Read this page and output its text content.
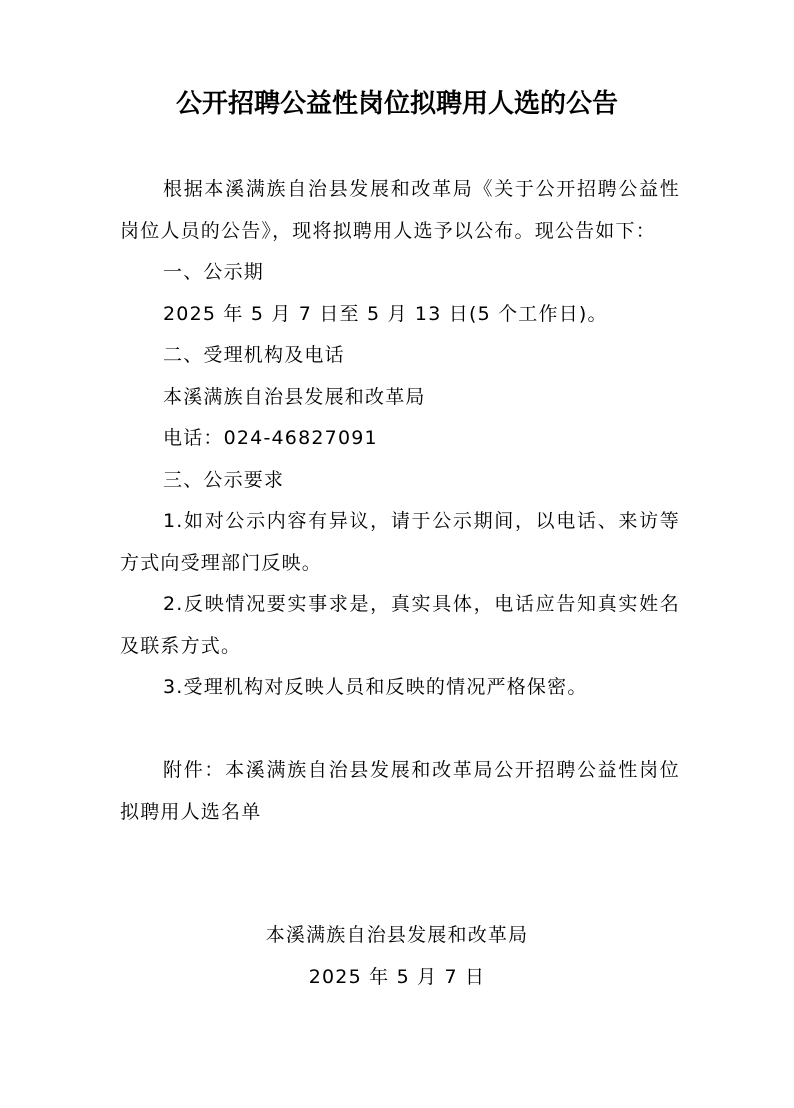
公开招聘公益性岗位拟聘用人选的公告

根据本溪满族自治县发展和改革局《关于公开招聘公益性岗位人员的公告》，现将拟聘用人选予以公布。现公告如下：

一、公示期

2025 年 5 月 7 日至 5 月 13 日(5 个工作日)。

二、受理机构及电话

本溪满族自治县发展和改革局

电话：024-46827091

三、公示要求

1.如对公示内容有异议，请于公示期间，以电话、来访等方式向受理部门反映。

2.反映情况要实事求是，真实具体，电话应告知真实姓名及联系方式。

3.受理机构对反映人员和反映的情况严格保密。

附件：本溪满族自治县发展和改革局公开招聘公益性岗位拟聘用人选名单

本溪满族自治县发展和改革局

2025 年 5 月 7 日
